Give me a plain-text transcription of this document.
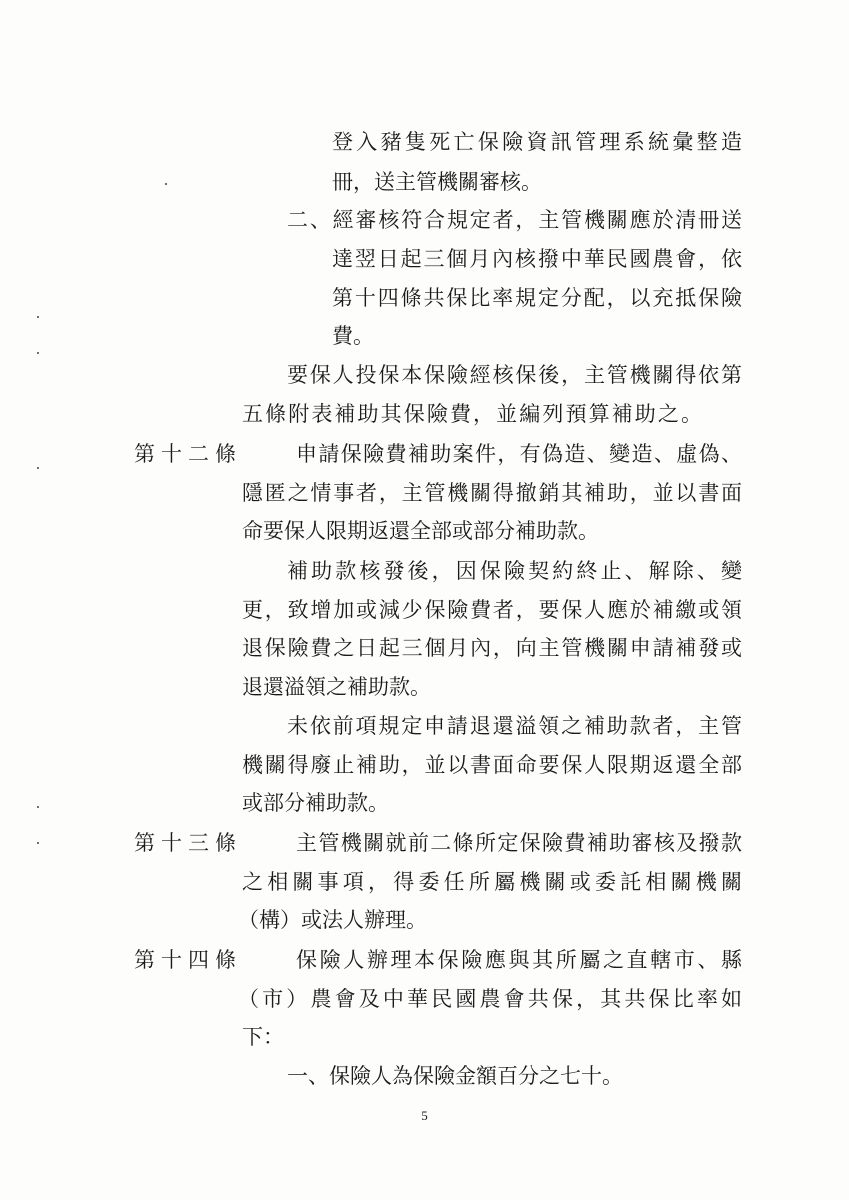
登入豬隻死亡保險資訊管理系統彙整造
冊，送主管機關審核。
二、經審核符合規定者，主管機關應於清冊送
達翌日起三個月內核撥中華民國農會，依
第十四條共保比率規定分配，以充抵保險
費。
要保人投保本保險經核保後，主管機關得依第
五條附表補助其保險費，並編列預算補助之。
第十二條	申請保險費補助案件，有偽造、變造、虛偽、
隱匿之情事者，主管機關得撤銷其補助，並以書面
命要保人限期返還全部或部分補助款。
補助款核發後，因保險契約終止、解除、變
更，致增加或減少保險費者，要保人應於補繳或領
退保險費之日起三個月內，向主管機關申請補發或
退還溢領之補助款。
未依前項規定申請退還溢領之補助款者，主管
機關得廢止補助，並以書面命要保人限期返還全部
或部分補助款。
第十三條	主管機關就前二條所定保險費補助審核及撥款
之相關事項，得委任所屬機關或委託相關機關
（構）或法人辦理。
第十四條	保險人辦理本保險應與其所屬之直轄市、縣
（市）農會及中華民國農會共保，其共保比率如
下：
一、保險人為保險金額百分之七十。
5
